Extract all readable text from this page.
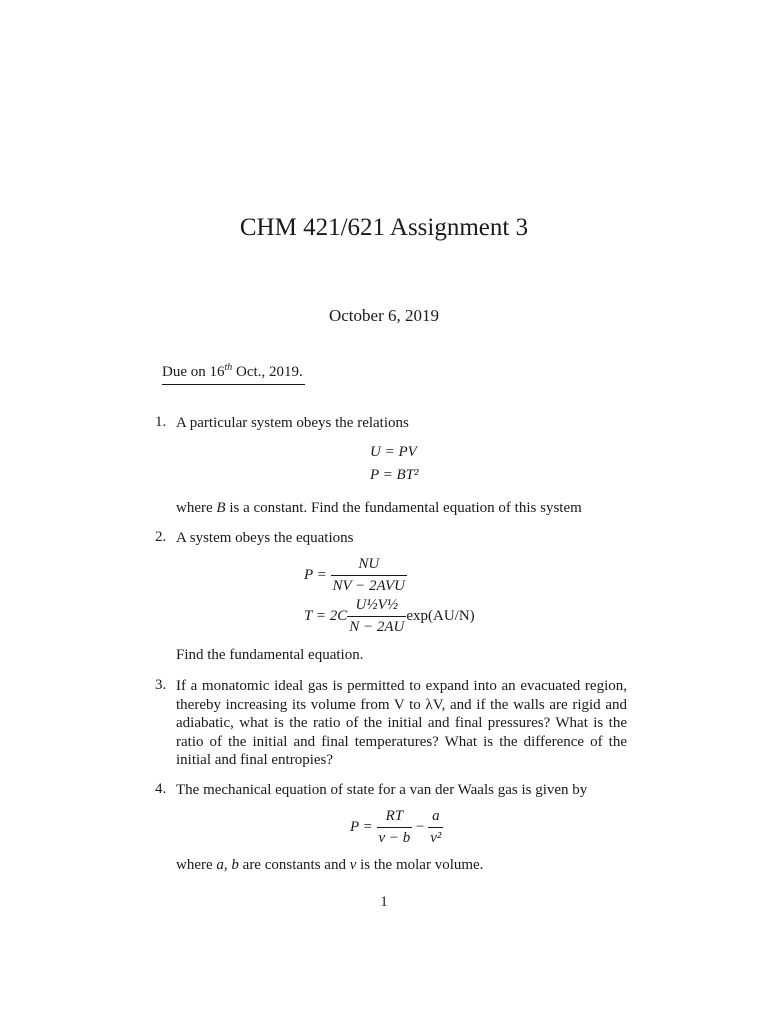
CHM 421/621 Assignment 3
October 6, 2019
Due on 16th Oct., 2019.
1. A particular system obeys the relations
U = PV
P = BT²
where B is a constant. Find the fundamental equation of this system
2. A system obeys the equations
$P = \frac{NU}{\text{NV − 2AVU}}$
$T = 2C \frac{\text{U½V½}}{N - 2AU} \exp(AU/N)$
Find the fundamental equation.
3. If a monatomic ideal gas is permitted to expand into an evacuated region, thereby increasing its volume from V to λV, and if the walls are rigid and adiabatic, what is the ratio of the initial and final pressures? What is the ratio of the initial and final temperatures? What is the difference of the initial and final entropies?
4. The mechanical equation of state for a van der Waals gas is given by
$P = \frac{RT}{v - b} - \frac{a}{\text{v²}}$
where a, b are constants and v is the molar volume.
1
